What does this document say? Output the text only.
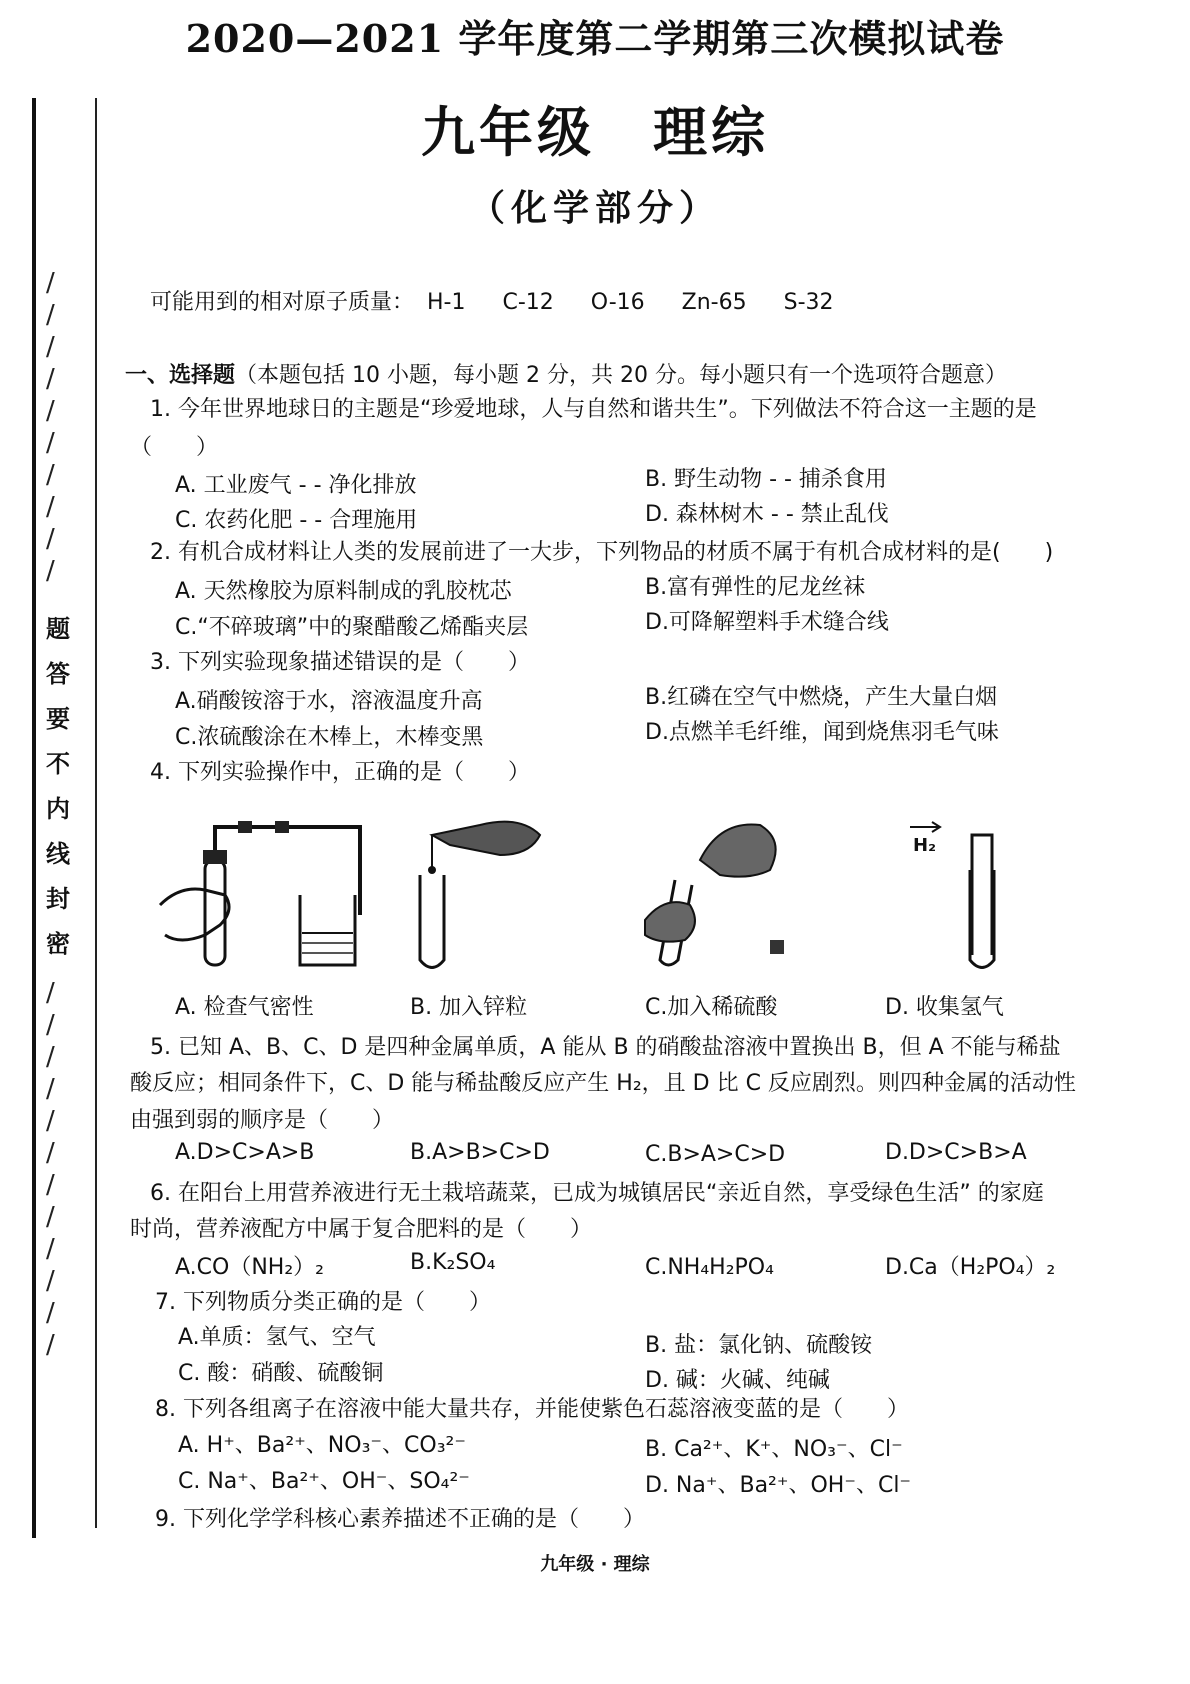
2020—2021 学年度第二学期第三次模拟试卷
九年级　理综
（化学部分）
/
/
/
/
/
/
/
/
/
/
题
答
要
不
内
线
封
密
/
/
/
/
/
/
/
/
/
/
/
/
可能用到的相对原子质量： H-1 C-12 O-16 Zn-65 S-32
一、选择题（本题包括 10 小题，每小题 2 分，共 20 分。每小题只有一个选项符合题意）
1. 今年世界地球日的主题是“珍爱地球，人与自然和谐共生”。下列做法不符合这一主题的是
（　　）
A. 工业废气 - - 净化排放	B. 野生动物 - - 捕杀食用
C. 农药化肥 - - 合理施用	D. 森林树木 - - 禁止乱伐
2. 有机合成材料让人类的发展前进了一大步，下列物品的材质不属于有机合成材料的是(　　)
A. 天然橡胶为原料制成的乳胶枕芯	B.富有弹性的尼龙丝袜
C.“不碎玻璃”中的聚醋酸乙烯酯夹层	D.可降解塑料手术缝合线
3. 下列实验现象描述错误的是（　　）
A.硝酸铵溶于水，溶液温度升高	B.红磷在空气中燃烧，产生大量白烟
C.浓硫酸涂在木棒上，木棒变黑	D.点燃羊毛纤维，闻到烧焦羽毛气味
4. 下列实验操作中，正确的是（　　）
A. 检查气密性	B. 加入锌粒	C.加入稀硫酸
H₂
D. 收集氢气
5. 已知 A、B、C、D 是四种金属单质，A 能从 B 的硝酸盐溶液中置换出 B，但 A 不能与稀盐
酸反应；相同条件下，C、D 能与稀盐酸反应产生 H₂，且 D 比 C 反应剧烈。则四种金属的活动性
由强到弱的顺序是（　　）
A.D>C>A>B	B.A>B>C>D	C.B>A>C>D	D.D>C>B>A
6. 在阳台上用营养液进行无土栽培蔬菜，已成为城镇居民“亲近自然，享受绿色生活” 的家庭
时尚，营养液配方中属于复合肥料的是（　　）
A.CO（NH₂）₂	B.K₂SO₄	C.NH₄H₂PO₄	D.Ca（H₂PO₄）₂
7. 下列物质分类正确的是（　　）
A.单质：氢气、空气	B. 盐：氯化钠、硫酸铵
C. 酸：硝酸、硫酸铜	D. 碱：火碱、纯碱
8. 下列各组离子在溶液中能大量共存，并能使紫色石蕊溶液变蓝的是（　　）
A. H⁺、Ba²⁺、NO₃⁻、CO₃²⁻	B. Ca²⁺、K⁺、NO₃⁻、Cl⁻
C. Na⁺、Ba²⁺、OH⁻、SO₄²⁻	D. Na⁺、Ba²⁺、OH⁻、Cl⁻
9. 下列化学学科核心素养描述不正确的是（　　）
九年级 · 理综
